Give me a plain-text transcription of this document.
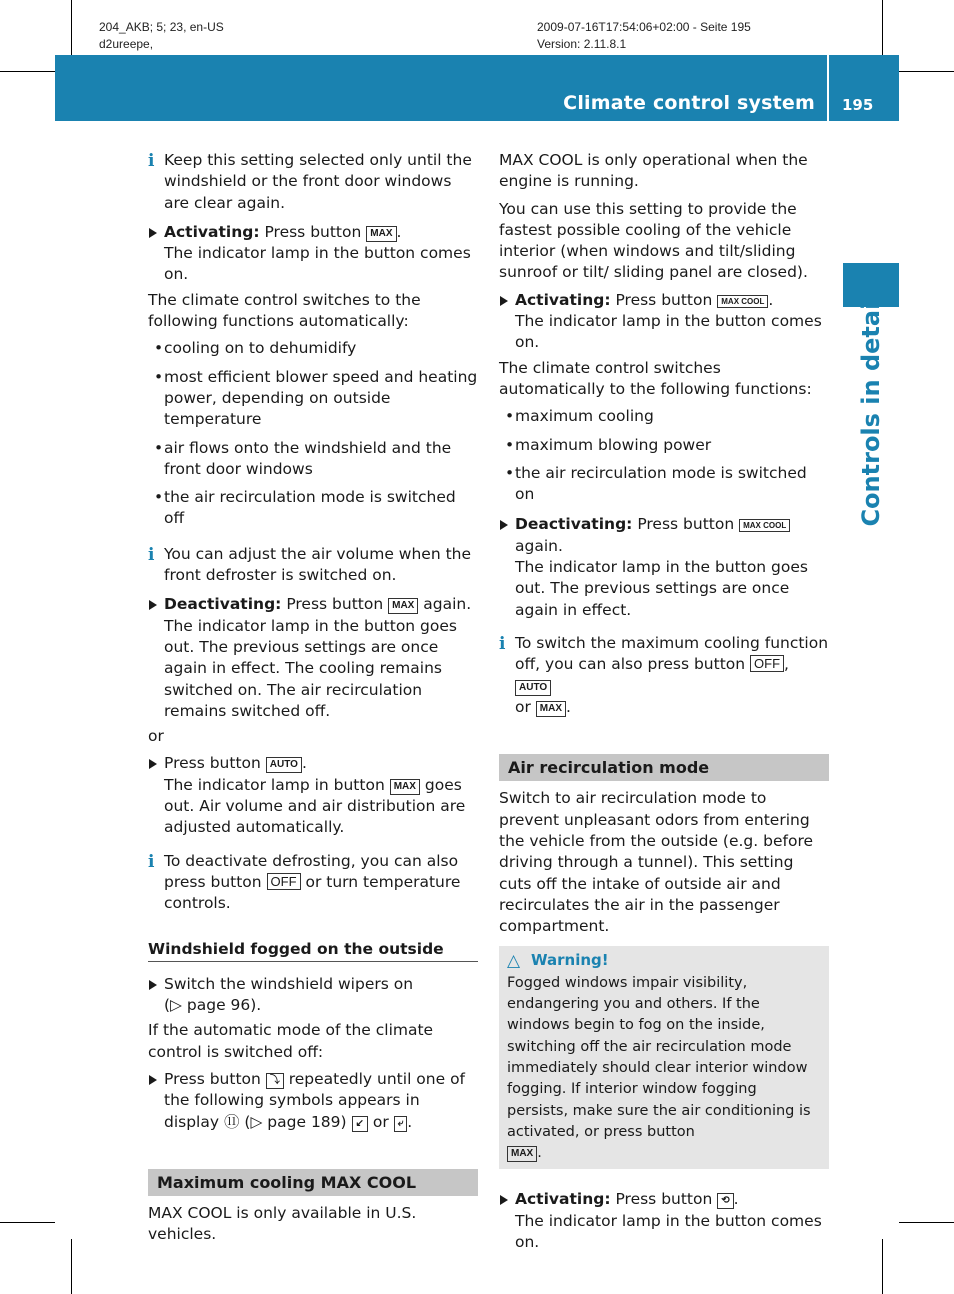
204_AKB; 5; 23, en-US
d2ureepe,
2009-07-16T17:54:06+02:00 - Seite 195
Version: 2.11.8.1
Climate control system 195
Controls in detail
i Keep this setting selected only until the windshield or the front door windows are clear again.
Activating: Press button MAX .
The indicator lamp in the button comes on.

The climate control switches to the following functions automatically:

• cooling on to dehumidify
• most efficient blower speed and heating power, depending on outside temperature
• air flows onto the windshield and the front door windows
• the air recirculation mode is switched off
i You can adjust the air volume when the front defroster is switched on.
Deactivating: Press button MAX again.
The indicator lamp in the button goes out. The previous settings are once again in effect. The cooling remains switched on. The air recirculation remains switched off.

or

Press button AUTO .
The indicator lamp in button MAX goes out. Air volume and air distribution are adjusted automatically.
i To deactivate defrosting, you can also press button OFF or turn temperature controls.
Windshield fogged on the outside
Switch the windshield wipers on
(▷ page 96).

If the automatic mode of the climate control is switched off:

Press button ⤵ repeatedly until one of the following symbols appears in display ⑪ (▷ page 189) ↙ or ⤶ .
Maximum cooling MAX COOL

MAX COOL is only available in U.S. vehicles.

MAX COOL is only operational when the engine is running.

You can use this setting to provide the fastest possible cooling of the vehicle interior (when windows and tilt/sliding sunroof or tilt/ sliding panel are closed).

Activating: Press button MAX COOL .
The indicator lamp in the button comes on.

The climate control switches automatically to the following functions:

• maximum cooling
• maximum blowing power
• the air recirculation mode is switched on
Deactivating: Press button MAX COOL again.
The indicator lamp in the button goes out. The previous settings are once again in effect.
i To switch the maximum cooling function off, you can also press button OFF , AUTO
or MAX .
Air recirculation mode

Switch to air recirculation mode to prevent unpleasant odors from entering the vehicle from the outside (e.g. before driving through a tunnel). This setting cuts off the intake of outside air and recirculates the air in the passenger compartment.

△ Warning!
Fogged windows impair visibility, endangering you and others. If the windows begin to fog on the inside, switching off the air recirculation mode immediately should clear interior window fogging. If interior window fogging persists, make sure the air conditioning is activated, or press button
MAX .
Activating: Press button ⟲ .
The indicator lamp in the button comes on.
